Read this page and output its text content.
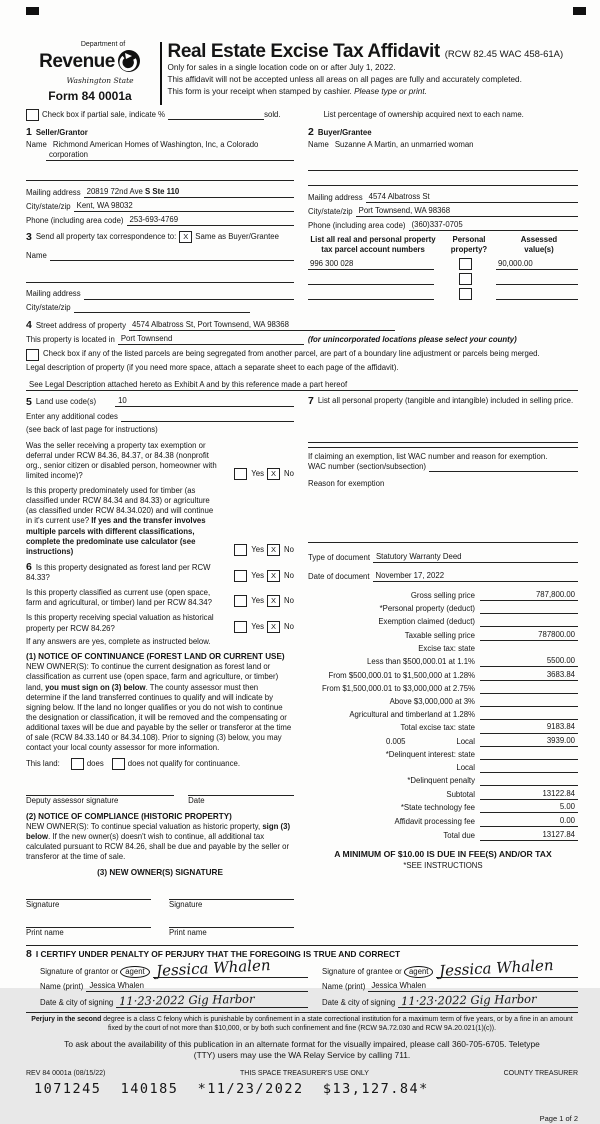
Department of
Revenue
Washington State
Form 84 0001a
Real Estate Excise Tax Affidavit (RCW 82.45 WAC 458-61A)
Only for sales in a single location code on or after July 1, 2022.
This affidavit will not be accepted unless all areas on all pages are fully and accurately completed.
This form is your receipt when stamped by cashier. Please type or print.
Check box if partial sale, indicate %	sold.	List percentage of ownership acquired next to each name.
1 Seller/Grantor
Name Richmond American Homes of Washington, Inc, a Colorado
corporation
Mailing address 20819 72nd Ave S Ste 110
City/state/zip Kent, WA 98032
Phone (including area code) 253-693-4769
3 Send all property tax correspondence to: X Same as Buyer/Grantee
Name
Mailing address
City/state/zip
2 Buyer/Grantee
Name Suzanne A Martin, an unmarried woman
Mailing address 4574 Albatross St
City/state/zip Port Townsend, WA 98368
Phone (including area code) (360)337-0705
List all real and personal property
tax parcel account numbers
Personal
property?
Assessed
value(s)
996 300 028	90,000.00
4 Street address of property 4574 Albatross St, Port Townsend, WA 98368
This property is located in Port Townsend	(for unincorporated locations please select your county)
Check box if any of the listed parcels are being segregated from another parcel, are part of a boundary line adjustment or parcels being merged.
Legal description of property (if you need more space, attach a separate sheet to each page of the affidavit).
See Legal Description attached hereto as Exhibit A and by this reference made a part hereof
5 Land use code(s)	10
Enter any additional codes
(see back of last page for instructions)
Was the seller receiving a property tax exemption or deferral under RCW 84.36, 84.37, or 84.38 (nonprofit org., senior citizen or disabled person, homeowner with limited income)?	Yes X	No
Is this property predominately used for timber (as classified under RCW 84.34 and 84.33) or agriculture (as classified under RCW 84.34.020) and will continue in it's current use? If yes and the transfer involves multiple parcels with different classifications, complete the predominate use calculator (see instructions)	Yes X	No
6 Is this property designated as forest land per RCW 84.33?	Yes X	No
Is this property classified as current use (open space, farm and agricultural, or timber) land per RCW 84.34?	Yes X	No
Is this property receiving special valuation as historical property per RCW 84.26?	Yes X	No
If any answers are yes, complete as instructed below.
(1) NOTICE OF CONTINUANCE (FOREST LAND OR CURRENT USE)
NEW OWNER(S): To continue the current designation as forest land or classification as current use (open space, farm and agriculture, or timber) land, you must sign on (3) below. The county assessor must then determine if the land transferred continues to qualify and will indicate by signing below. If the land no longer qualifies or you do not wish to continue the designation or classification, it will be removed and the compensating or additional taxes will be due and payable by the seller or transferor at the time of sale (RCW 84.33.140 or 84.34.108). Prior to signing (3) below, you may contact your local county assessor for more information.
This land:	does	does not qualify for continuance.
Deputy assessor signature	Date
(2) NOTICE OF COMPLIANCE (HISTORIC PROPERTY)
NEW OWNER(S): To continue special valuation as historic property, sign (3) below. If the new owner(s) doesn't wish to continue, all additional tax calculated pursuant to RCW 84.26, shall be due and payable by the seller or transferor at the time of sale.
(3) NEW OWNER(S) SIGNATURE
Signature	Signature
Print name	Print name
7 List all personal property (tangible and intangible) included in selling price.
If claiming an exemption, list WAC number and reason for exemption.
WAC number (section/subsection)
Reason for exemption
Type of document Statutory Warranty Deed
Date of document November 17, 2022
Gross selling price	787,800.00
*Personal property (deduct)
Exemption claimed (deduct)
Taxable selling price	787800.00
Excise tax: state
Less than $500,000.01 at 1.1%	5500.00
From $500,000.01 to $1,500,000 at 1.28%	3683.84
From $1,500,000.01 to $3,000,000 at 2.75%
Above $3,000,000 at 3%
Agricultural and timberland at 1.28%
Total excise tax: state	9183.84
0.005	Local	3939.00
*Delinquent interest: state
Local
*Delinquent penalty
Subtotal	13122.84
*State technology fee	5.00
Affidavit processing fee	0.00
Total due	13127.84
A MINIMUM OF $10.00 IS DUE IN FEE(S) AND/OR TAX
*SEE INSTRUCTIONS
8 I CERTIFY UNDER PENALTY OF PERJURY THAT THE FOREGOING IS TRUE AND CORRECT
Signature of grantor or agent Jessica Whalen
Name (print) Jessica Whalen
Date & city of signing 11·23·2022 Gig Harbor
Signature of grantee or agent Jessica Whalen
Name (print) Jessica Whalen
Date & city of signing 11·23·2022 Gig Harbor
Perjury in the second degree is a class C felony which is punishable by confinement in a state correctional institution for a maximum term of five years, or by a fine in an amount fixed by the court of not more than $10,000, or by both such confinement and fine (RCW 9A.72.030 and RCW 9A.20.021(1)(c)).
To ask about the availability of this publication in an alternate format for the visually impaired, please call 360-705-6705. Teletype
(TTY) users may use the WA Relay Service by calling 711.
REV 84 0001a (08/15/22)	THIS SPACE TREASURER'S USE ONLY	COUNTY TREASURER
1071245  140185  *11/23/2022  $13,127.84*
Page 1 of 2
